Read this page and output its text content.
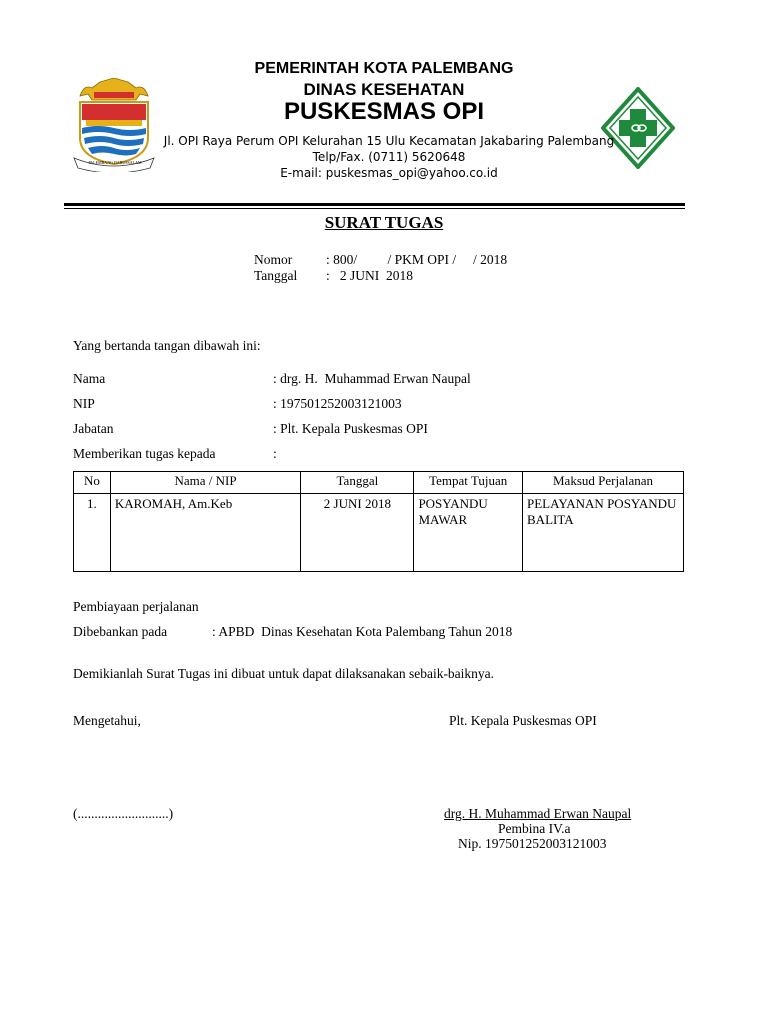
PALEMBANG DARUSSALAM
PEMERINTAH KOTA PALEMBANG
DINAS KESEHATAN
PUSKESMAS OPI
Jl. OPI Raya Perum OPI Kelurahan 15 Ulu Kecamatan Jakabaring Palembang
Telp/Fax. (0711) 5620648
E-mail: puskesmas_opi@yahoo.co.id
SURAT TUGAS
Nomor	: 800/         / PKM OPI /     / 2018
Tanggal :   2 JUNI  2018
Yang bertanda tangan dibawah ini:
Nama	: drg. H.  Muhammad Erwan Naupal
NIP	: 197501252003121003
Jabatan	: Plt. Kepala Puskesmas OPI
Memberikan tugas kepada	:
No	Nama / NIP	Tanggal	Tempat Tujuan	Maksud Perjalanan
1.	KAROMAH, Am.Keb	2 JUNI 2018	POSYANDU MAWAR	PELAYANAN POSYANDU BALITA
Pembiayaan perjalanan
Dibebankan pada	: APBD  Dinas Kesehatan Kota Palembang Tahun 2018
Demikianlah Surat Tugas ini dibuat untuk dapat dilaksanakan sebaik-baiknya.
Mengetahui,	Plt. Kepala Puskesmas OPI
(...........................)	drg. H. Muhammad Erwan Naupal
Pembina IV.a
Nip. 197501252003121003
